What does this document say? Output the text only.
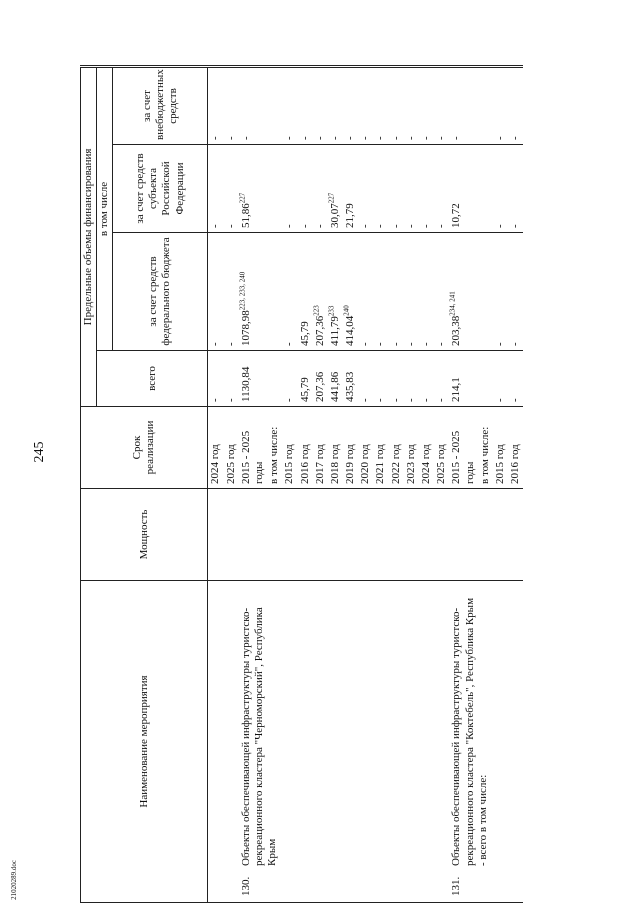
245
21020289.doc
Наименование мероприятия	Мощность	Срок реализации	Предельные объемы финансирования				
			всего	в том числе			
				за счет средств федерального бюджета	за счет средств субъекта Российской Федерации	за счет внебюджетных средств	
		2024 год	-	-	-	-	
		2025 год	-	-	-	-	
130.Объекты обеспечивающей инфраструктуры туристско-рекреационного кластера "Черноморский", Республика Крым		2015 - 2025 годы	1130,84	1078,98$^{223, 233, 240}$	51,86$^{227}$	-	
		в том числе:					
		2015 год	-	-	-	-	
		2016 год	45,79	45,79	-	-	
		2017 год	207,36	207,36$^{223}$	-	-	
		2018 год	441,86	411,79$^{233}$	30,07$^{227}$	-	
		2019 год	435,83	414,04$^{240}$	21,79	-	
		2020 год	-	-	-	-	
		2021 год	-	-	-	-	
		2022 год	-	-	-	-	
		2023 год	-	-	-	-	
		2024 год	-	-	-	-	
		2025 год	-	-	-	-	
131.Объекты обеспечивающей инфраструктуры туристско-рекреационного кластера "Коктебель", Республика Крым - всего в том числе:		2015 - 2025 годы	214,1	203,38$^{234, 241}$	10,72	-	
		в том числе:					
		2015 год	-	-	-	-	
		2016 год	-	-	-	-	
